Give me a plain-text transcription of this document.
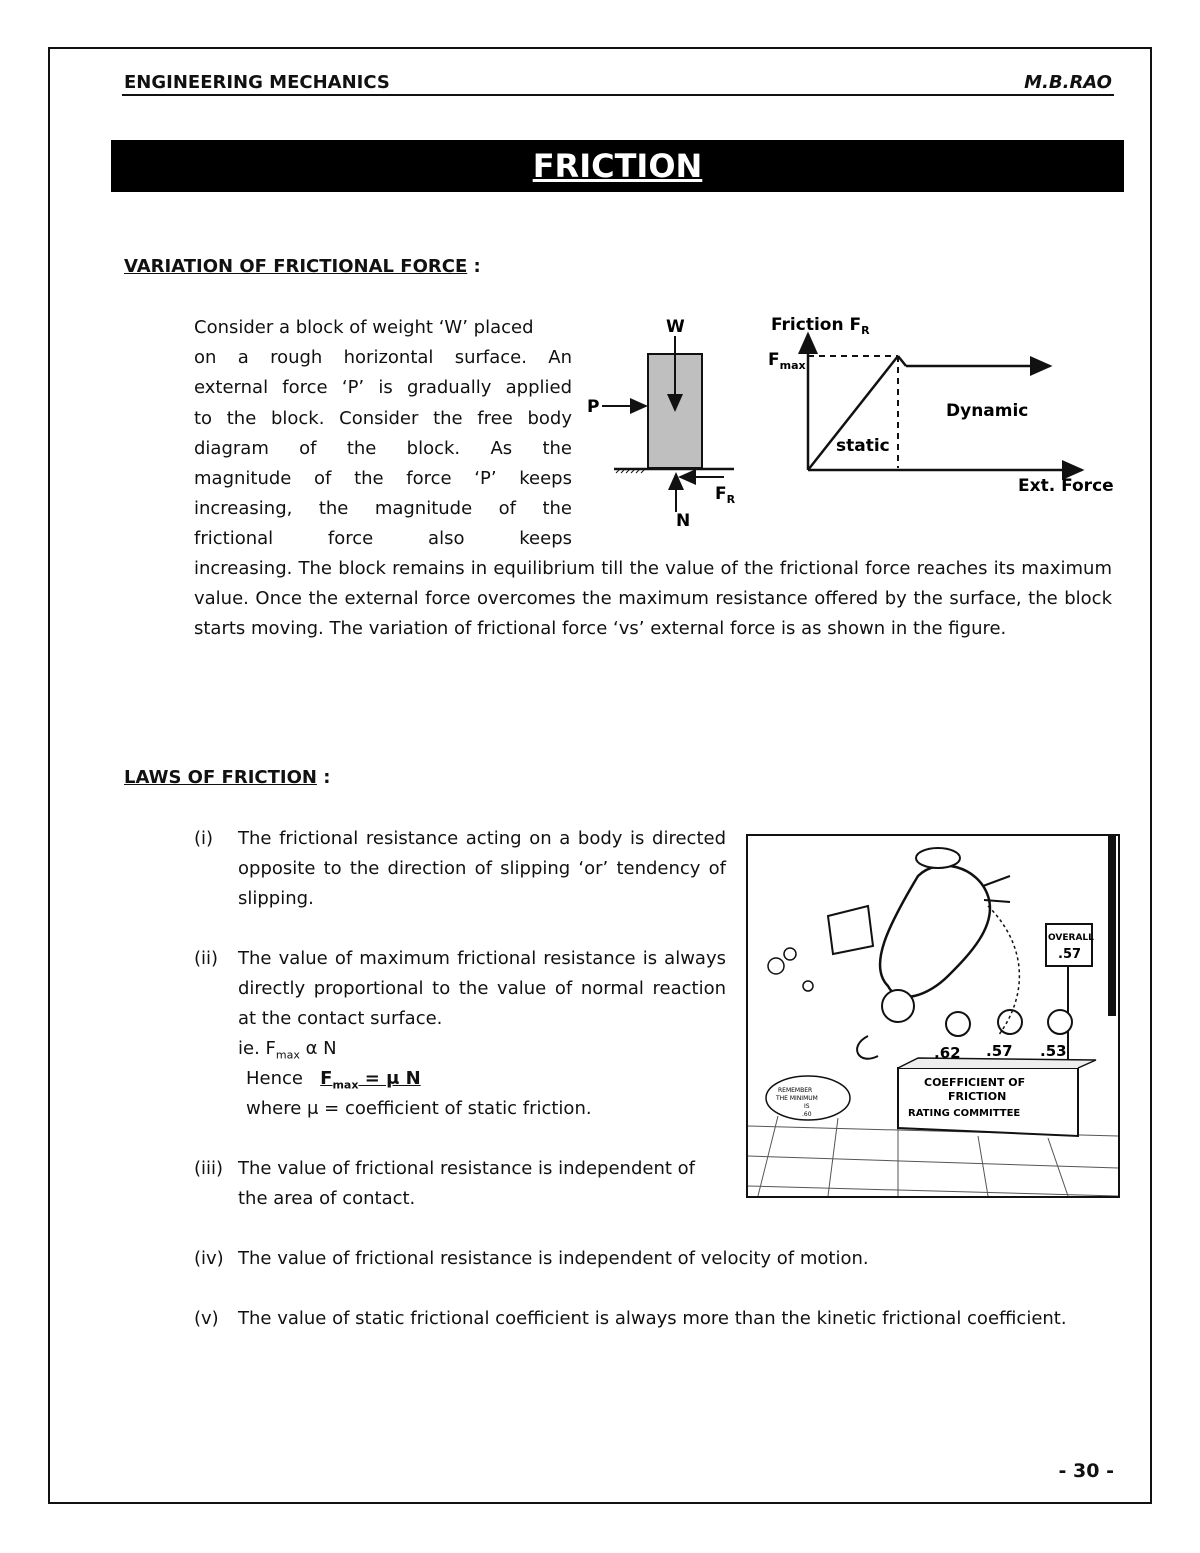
ENGINEERING MECHANICS	M.B.RAO
FRICTION
VARIATION OF FRICTIONAL FORCE :
Consider a block of weight ‘W’ placed
on a rough horizontal surface. An
external force ‘P’ is gradually applied
to the block. Consider the free body
diagram of the block. As the
magnitude of the force ‘P’ keeps
increasing, the magnitude of the
frictional force also keeps
increasing. The block remains in equilibrium till the value of the frictional force reaches its maximum value. Once the external force overcomes the maximum resistance offered by the surface, the block starts moving. The variation of frictional force ‘vs’ external force is as shown in the figure.
W
P
$F_R$
N
Friction $F_R$
$F_{max}$
Dynamic
static
Ext. Force
LAWS OF FRICTION :
(i) The frictional resistance acting on a body is directed opposite to the direction of slipping ‘or’ tendency of slipping.
(ii) The value of maximum frictional resistance is always directly proportional to the value of normal reaction at the contact surface.
ie. $F_{max}$ α N
Hence $F_{max} = \mu$ N
where μ = coefficient of static friction.
(iii) The value of frictional resistance is independent of the area of contact.
(iv) The value of frictional resistance is independent of velocity of motion.
(v) The value of static frictional coefficient is always more than the kinetic frictional coefficient.
OVERALL
.57
COEFFICIENT OF
FRICTION
RATING COMMITTEE
.62 .57 .53
REMEMBER
THE MINIMUM
IS
.60
- 30 -
